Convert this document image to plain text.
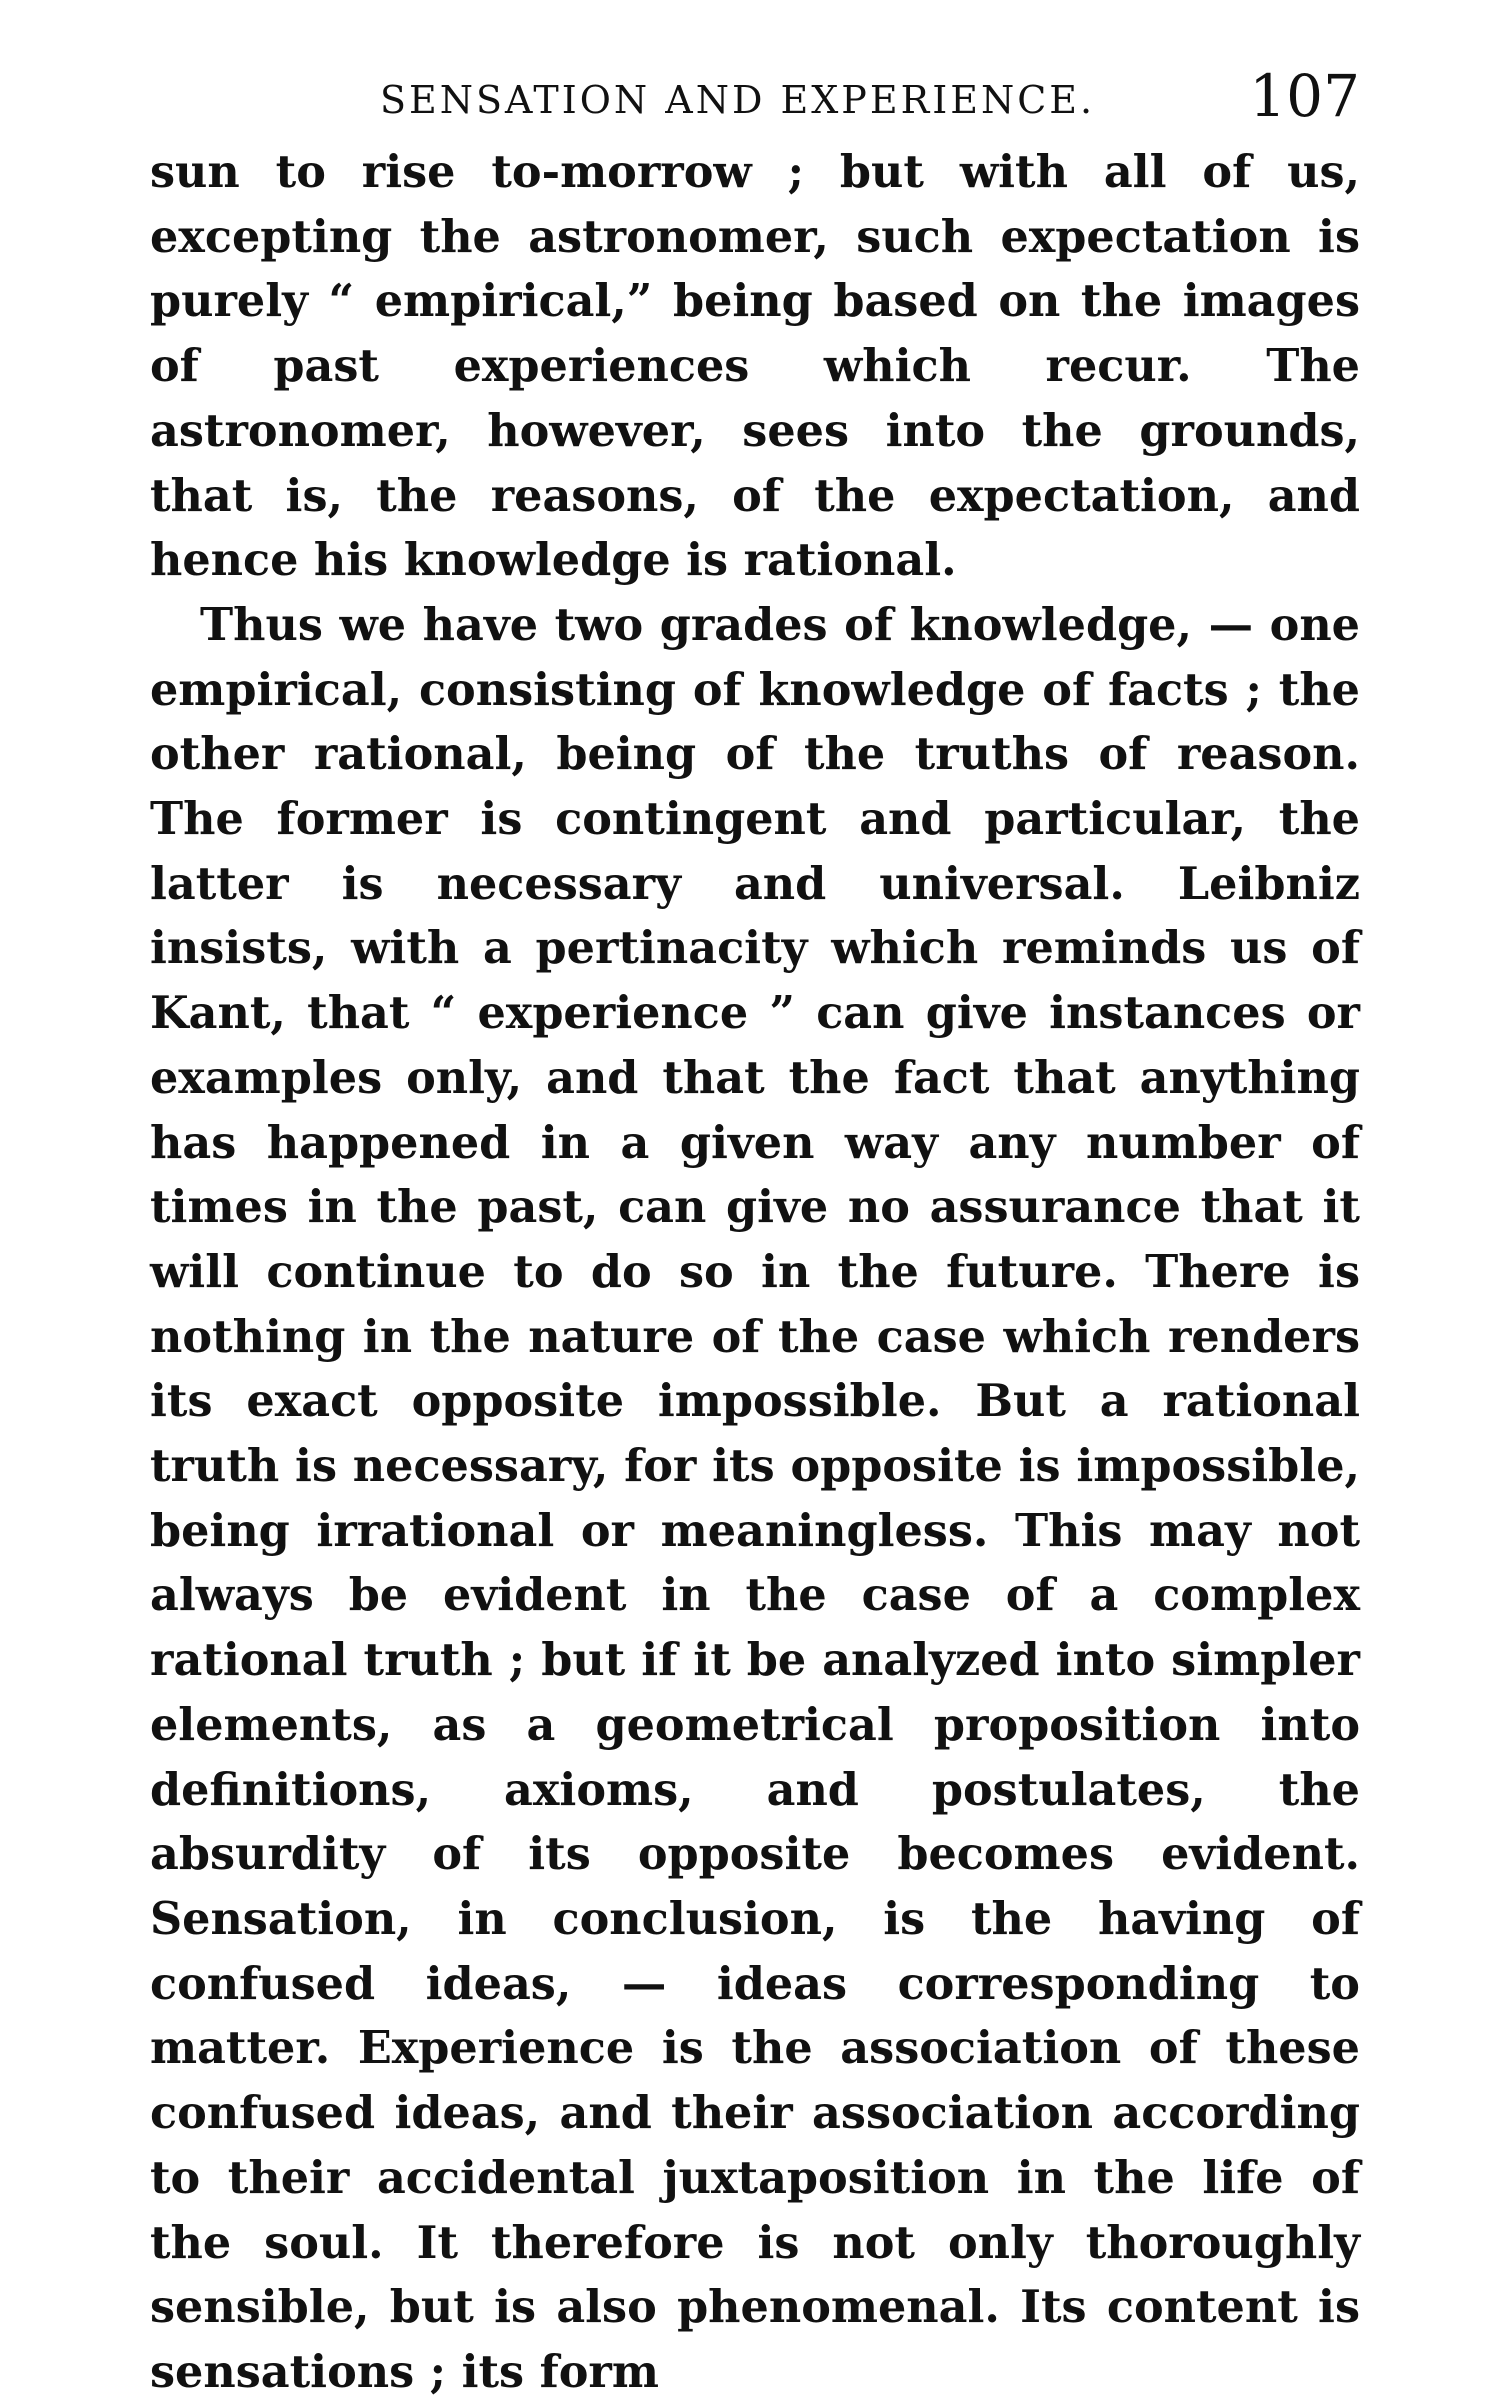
SENSATION AND EXPERIENCE.	107

sun to rise to-morrow ; but with all of us, excepting the astronomer, such expectation is purely “ empirical,” being based on the images of past experiences which recur. The astronomer, however, sees into the grounds, that is, the reasons, of the expectation, and hence his knowledge is rational.

Thus we have two grades of knowledge, — one empirical, consisting of knowledge of facts ; the other rational, being of the truths of reason. The former is contingent and particular, the latter is necessary and universal. Leibniz insists, with a pertinacity which reminds us of Kant, that “ experience ” can give instances or examples only, and that the fact that anything has happened in a given way any number of times in the past, can give no assurance that it will continue to do so in the future. There is nothing in the nature of the case which renders its exact opposite impossible. But a rational truth is necessary, for its opposite is impossible, being irrational or meaningless. This may not always be evident in the case of a complex rational truth ; but if it be analyzed into simpler elements, as a geometrical proposition into definitions, axioms, and postulates, the absurdity of its opposite becomes evident. Sensation, in conclusion, is the having of confused ideas, — ideas corresponding to matter. Experience is the association of these confused ideas, and their association according to their accidental juxtaposition in the life of the soul. It therefore is not only thoroughly sensible, but is also phenomenal. Its content is sensations ; its form
